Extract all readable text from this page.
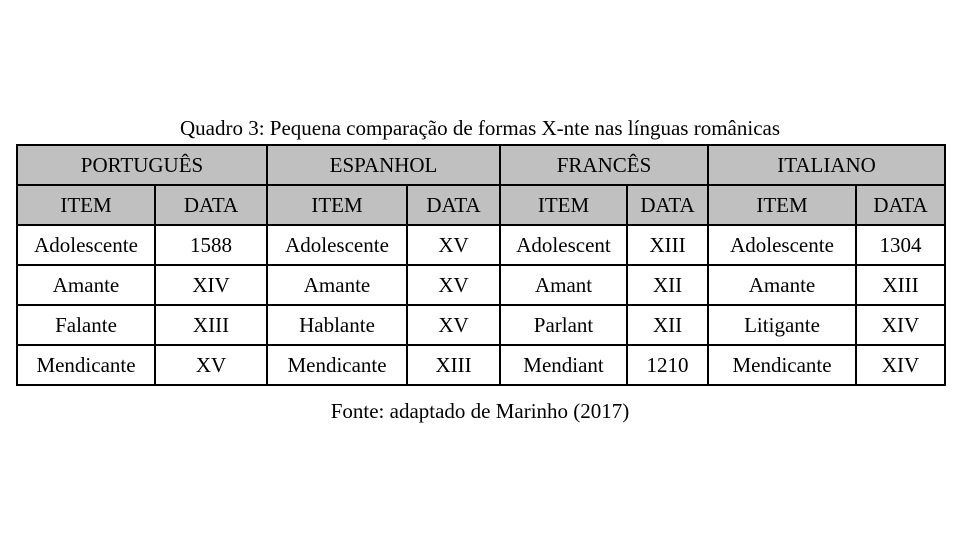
Quadro 3: Pequena comparação de formas X-nte nas línguas românicas
PORTUGUÊS		ESPANHOL		FRANCÊS		ITALIANO	
ITEM	DATA	ITEM	DATA	ITEM	DATA	ITEM	DATA
Adolescente	1588	Adolescente	XV	Adolescent	XIII	Adolescente	1304
Amante	XIV	Amante	XV	Amant	XII	Amante	XIII
Falante	XIII	Hablante	XV	Parlant	XII	Litigante	XIV
Mendicante	XV	Mendicante	XIII	Mendiant	1210	Mendicante	XIV
Fonte: adaptado de Marinho (2017)
